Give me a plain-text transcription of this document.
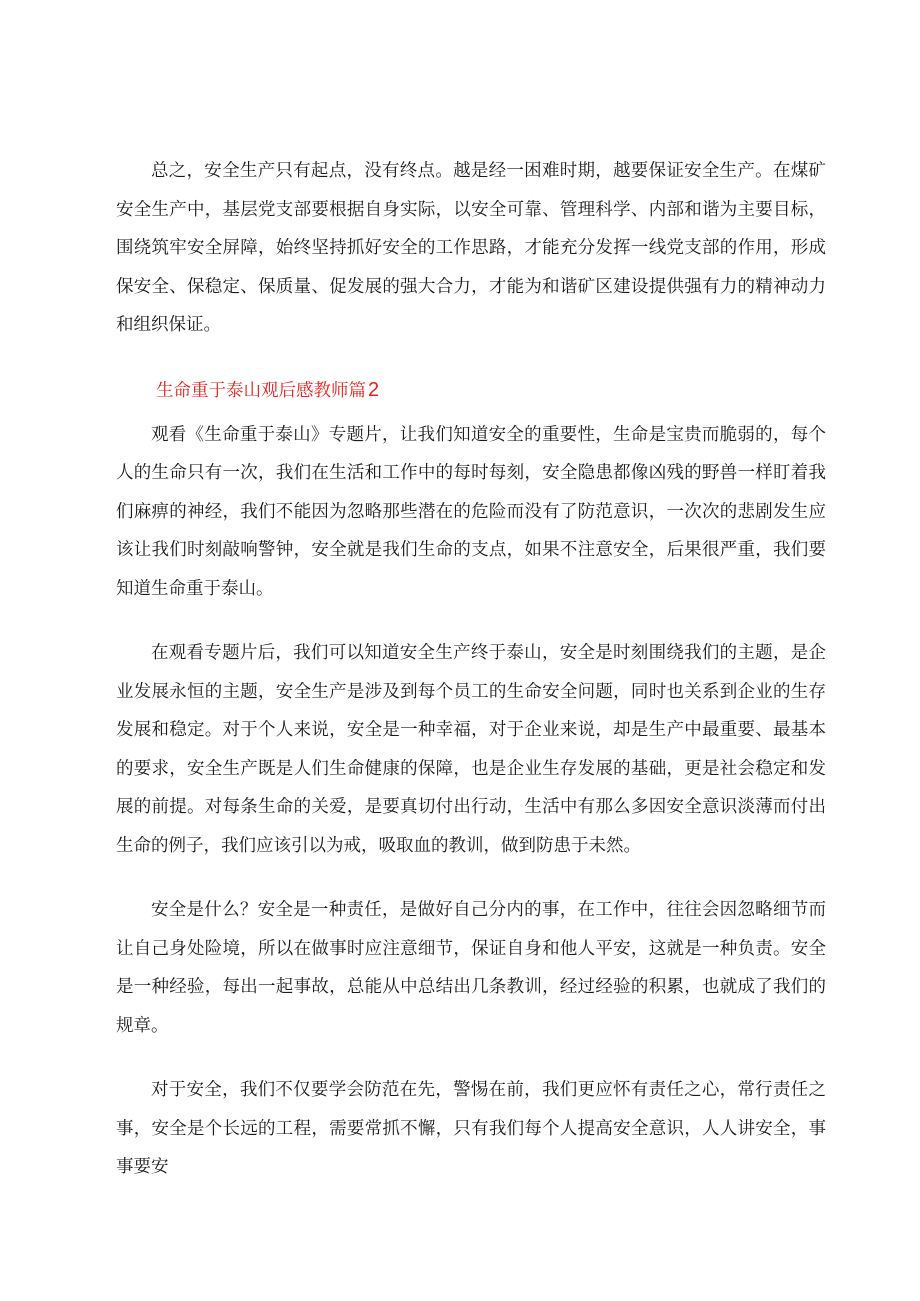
总之，安全生产只有起点，没有终点。越是经一困难时期，越要保证安全生产。在煤矿安全生产中，基层党支部要根据自身实际，以安全可靠、管理科学、内部和谐为主要目标，围绕筑牢安全屏障，始终坚持抓好安全的工作思路，才能充分发挥一线党支部的作用，形成保安全、保稳定、保质量、促发展的强大合力，才能为和谐矿区建设提供强有力的精神动力和组织保证。

生命重于泰山观后感教师篇 2

观看《生命重于泰山》专题片，让我们知道安全的重要性，生命是宝贵而脆弱的，每个人的生命只有一次，我们在生活和工作中的每时每刻，安全隐患都像凶残的野兽一样盯着我们麻痹的神经，我们不能因为忽略那些潜在的危险而没有了防范意识，一次次的悲剧发生应该让我们时刻敲响警钟，安全就是我们生命的支点，如果不注意安全，后果很严重，我们要知道生命重于泰山。

在观看专题片后，我们可以知道安全生产终于泰山，安全是时刻围绕我们的主题，是企业发展永恒的主题，安全生产是涉及到每个员工的生命安全问题，同时也关系到企业的生存发展和稳定。对于个人来说，安全是一种幸福，对于企业来说，却是生产中最重要、最基本的要求，安全生产既是人们生命健康的保障，也是企业生存发展的基础，更是社会稳定和发展的前提。对每条生命的关爱，是要真切付出行动，生活中有那么多因安全意识淡薄而付出生命的例子，我们应该引以为戒，吸取血的教训，做到防患于未然。

安全是什么？安全是一种责任，是做好自己分内的事，在工作中，往往会因忽略细节而让自己身处险境，所以在做事时应注意细节，保证自身和他人平安，这就是一种负责。安全是一种经验，每出一起事故，总能从中总结出几条教训，经过经验的积累，也就成了我们的规章。

对于安全，我们不仅要学会防范在先，警惕在前，我们更应怀有责任之心，常行责任之事，安全是个长远的工程，需要常抓不懈，只有我们每个人提高安全意识，人人讲安全，事事要安
